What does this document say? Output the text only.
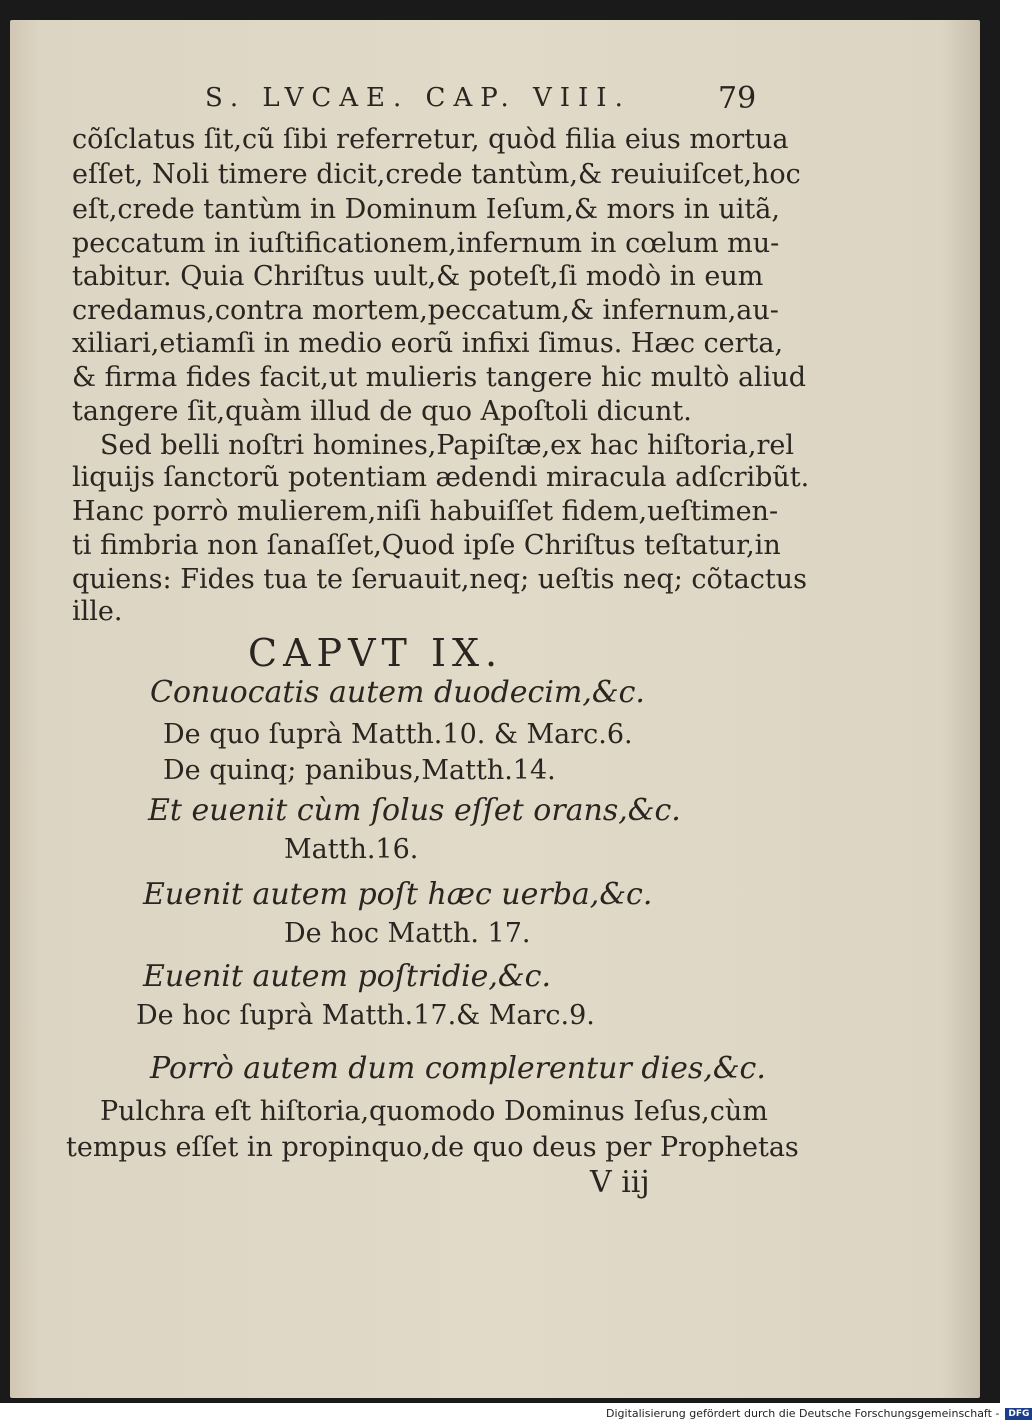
S. LVCAE. CAP. VIII.	79
cõſclatus ſit,cũ ſibi referretur, quòd filia eius mortua
eſſet, Noli timere dicit,crede tantùm,& reuiuiſcet,hoc
eſt,crede tantùm in Dominum Ieſum,& mors in uitã,
peccatum in iuſtificationem,infernum in cœlum mu-
tabitur. Quia Chriſtus uult,& poteſt,ſi modò in eum
credamus,contra mortem,peccatum,& infernum,au-
xiliari,etiamſi in medio eorũ infixi ſimus. Hæc certa,
& firma fides facit,ut mulieris tangere hic multò aliud
tangere ſit,quàm illud de quo Apoſtoli dicunt.
Sed belli noſtri homines,Papiſtæ,ex hac hiſtoria,rel
liquijs ſanctorũ potentiam ædendi miracula adſcribũt.
Hanc porrò mulierem,niſi habuiſſet fidem,ueſtimen-
ti fimbria non ſanaſſet,Quod ipſe Chriſtus teſtatur,in
quiens: Fides tua te ſeruauit,neq; ueſtis neq; cõtactus
ille.
CAPVT IX.
Conuocatis autem duodecim,&c.
De quo ſuprà Matth.10. & Marc.6.
De quinq; panibus,Matth.14.
Et euenit cùm ſolus eſſet orans,&c.
Matth.16.
Euenit autem poſt hæc uerba,&c.
De hoc Matth. 17.
Euenit autem poſtridie,&c.
De hoc ſuprà Matth.17.& Marc.9.
Porrò autem dum complerentur dies,&c.
Pulchra eſt hiſtoria,quomodo Dominus Ieſus,cùm
tempus eſſet in propinquo,de quo deus per Prophetas
V iij
Digitalisierung gefördert durch die Deutsche Forschungsgemeinschaft -	DFG
